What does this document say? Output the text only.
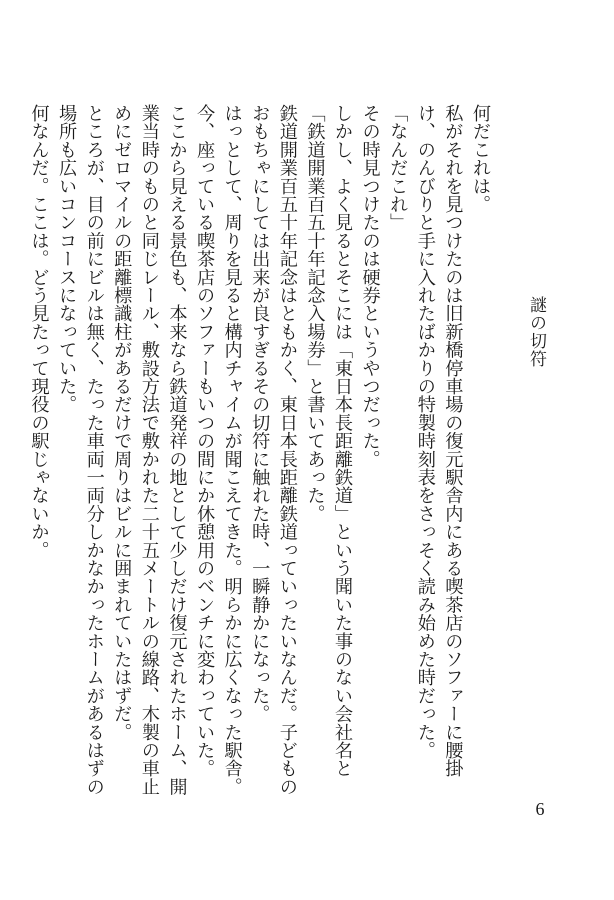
謎の切符

何だこれは。

私がそれを見つけたのは旧新橋停車場の復元駅舎内にある喫茶店のソファーに腰掛け、のんびりと手に入れたばかりの特製時刻表をさっそく読み始めた時だった。

「なんだこれ」

その時見つけたのは硬券というやつだった。

しかし、よく見るとそこには「東日本長距離鉄道」という聞いた事のない会社名と「鉄道開業百五十年記念入場券」と書いてあった。

鉄道開業百五十年記念はともかく、東日本長距離鉄道っていったいなんだ。子どものおもちゃにしては出来が良すぎるその切符に触れた時、一瞬静かになった。

はっとして、周りを見ると構内チャイムが聞こえてきた。明らかに広くなった駅舎。

今、座っている喫茶店のソファーもいつの間にか休憩用のベンチに変わっていた。

ここから見える景色も、本来なら鉄道発祥の地として少しだけ復元されたホーム、開業当時のものと同じレール、敷設方法で敷かれた二十五メートルの線路、木製の車止めにゼロマイルの距離標識柱があるだけで周りはビルに囲まれていたはずだ。

ところが、目の前にビルは無く、たった車両一両分しかなかったホームがあるはずの場所も広いコンコースになっていた。

何なんだ。ここは。どう見たって現役の駅じゃないか。

6
